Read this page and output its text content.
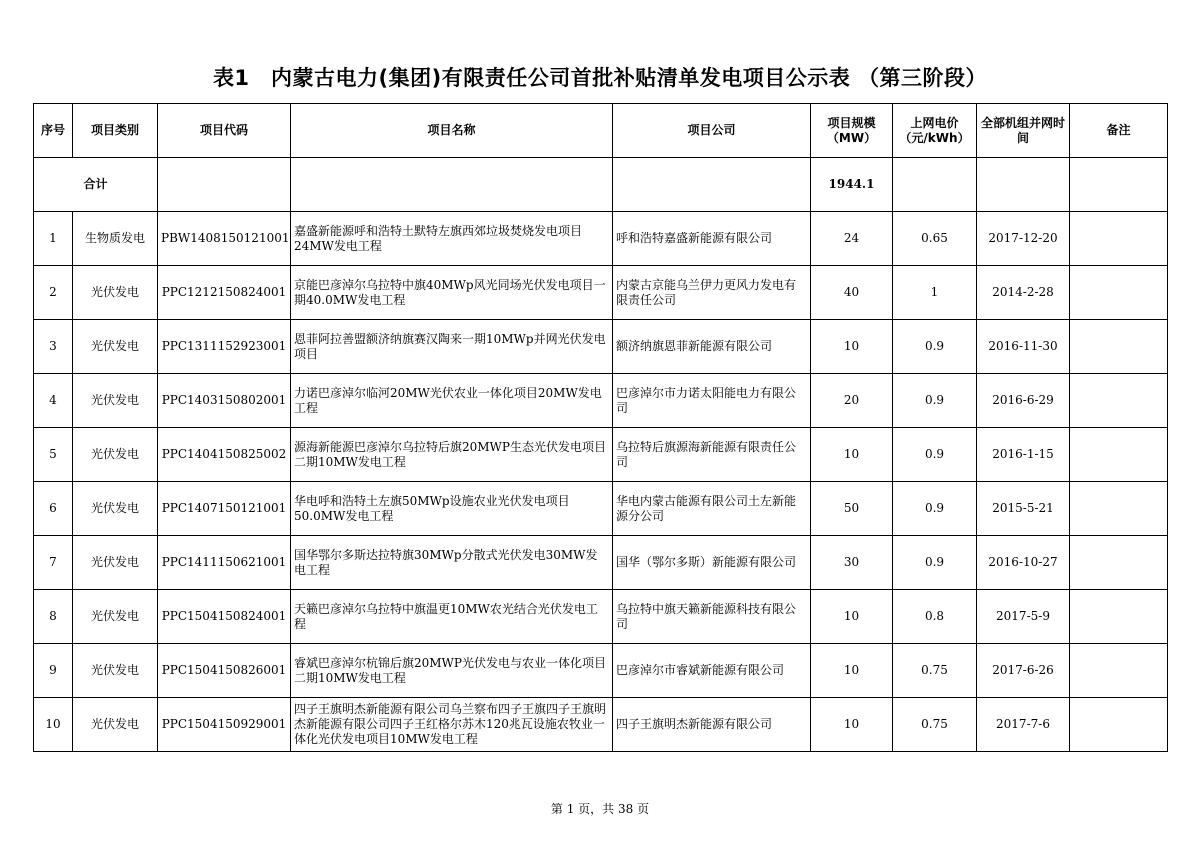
表1　内蒙古电力(集团)有限责任公司首批补贴清单发电项目公示表 （第三阶段）
序号	项目类别	项目代码	项目名称	项目公司	项目规模（MW）	上网电价（元/kWh）	全部机组并网时间	备注
合计					1944.1			
1	生物质发电	PBW1408150121001	嘉盛新能源呼和浩特土默特左旗西郊垃圾焚烧发电项目24MW发电工程	呼和浩特嘉盛新能源有限公司	24	0.65	2017-12-20	
2	光伏发电	PPC1212150824001	京能巴彦淖尔乌拉特中旗40MWp风光同场光伏发电项目一期40.0MW发电工程	内蒙古京能乌兰伊力更风力发电有限责任公司	40	1	2014-2-28	
3	光伏发电	PPC1311152923001	恩菲阿拉善盟额济纳旗赛汉陶来一期10MWp并网光伏发电项目	额济纳旗恩菲新能源有限公司	10	0.9	2016-11-30	
4	光伏发电	PPC1403150802001	力诺巴彦淖尔临河20MW光伏农业一体化项目20MW发电工程	巴彦淖尔市力诺太阳能电力有限公司	20	0.9	2016-6-29	
5	光伏发电	PPC1404150825002	源海新能源巴彦淖尔乌拉特后旗20MWP生态光伏发电项目二期10MW发电工程	乌拉特后旗源海新能源有限责任公司	10	0.9	2016-1-15	
6	光伏发电	PPC1407150121001	华电呼和浩特土左旗50MWp设施农业光伏发电项目50.0MW发电工程	华电内蒙古能源有限公司土左新能源分公司	50	0.9	2015-5-21	
7	光伏发电	PPC1411150621001	国华鄂尔多斯达拉特旗30MWp分散式光伏发电30MW发电工程	国华（鄂尔多斯）新能源有限公司	30	0.9	2016-10-27	
8	光伏发电	PPC1504150824001	天籁巴彦淖尔乌拉特中旗温更10MW农光结合光伏发电工程	乌拉特中旗天籁新能源科技有限公司	10	0.8	2017-5-9	
9	光伏发电	PPC1504150826001	睿斌巴彦淖尔杭锦后旗20MWP光伏发电与农业一体化项目二期10MW发电工程	巴彦淖尔市睿斌新能源有限公司	10	0.75	2017-6-26	
10	光伏发电	PPC1504150929001	四子王旗明杰新能源有限公司乌兰察布四子王旗四子王旗明杰新能源有限公司四子王红格尔苏木120兆瓦设施农牧业一体化光伏发电项目10MW发电工程	四子王旗明杰新能源有限公司	10	0.75	2017-7-6	
第 1 页，共 38 页
